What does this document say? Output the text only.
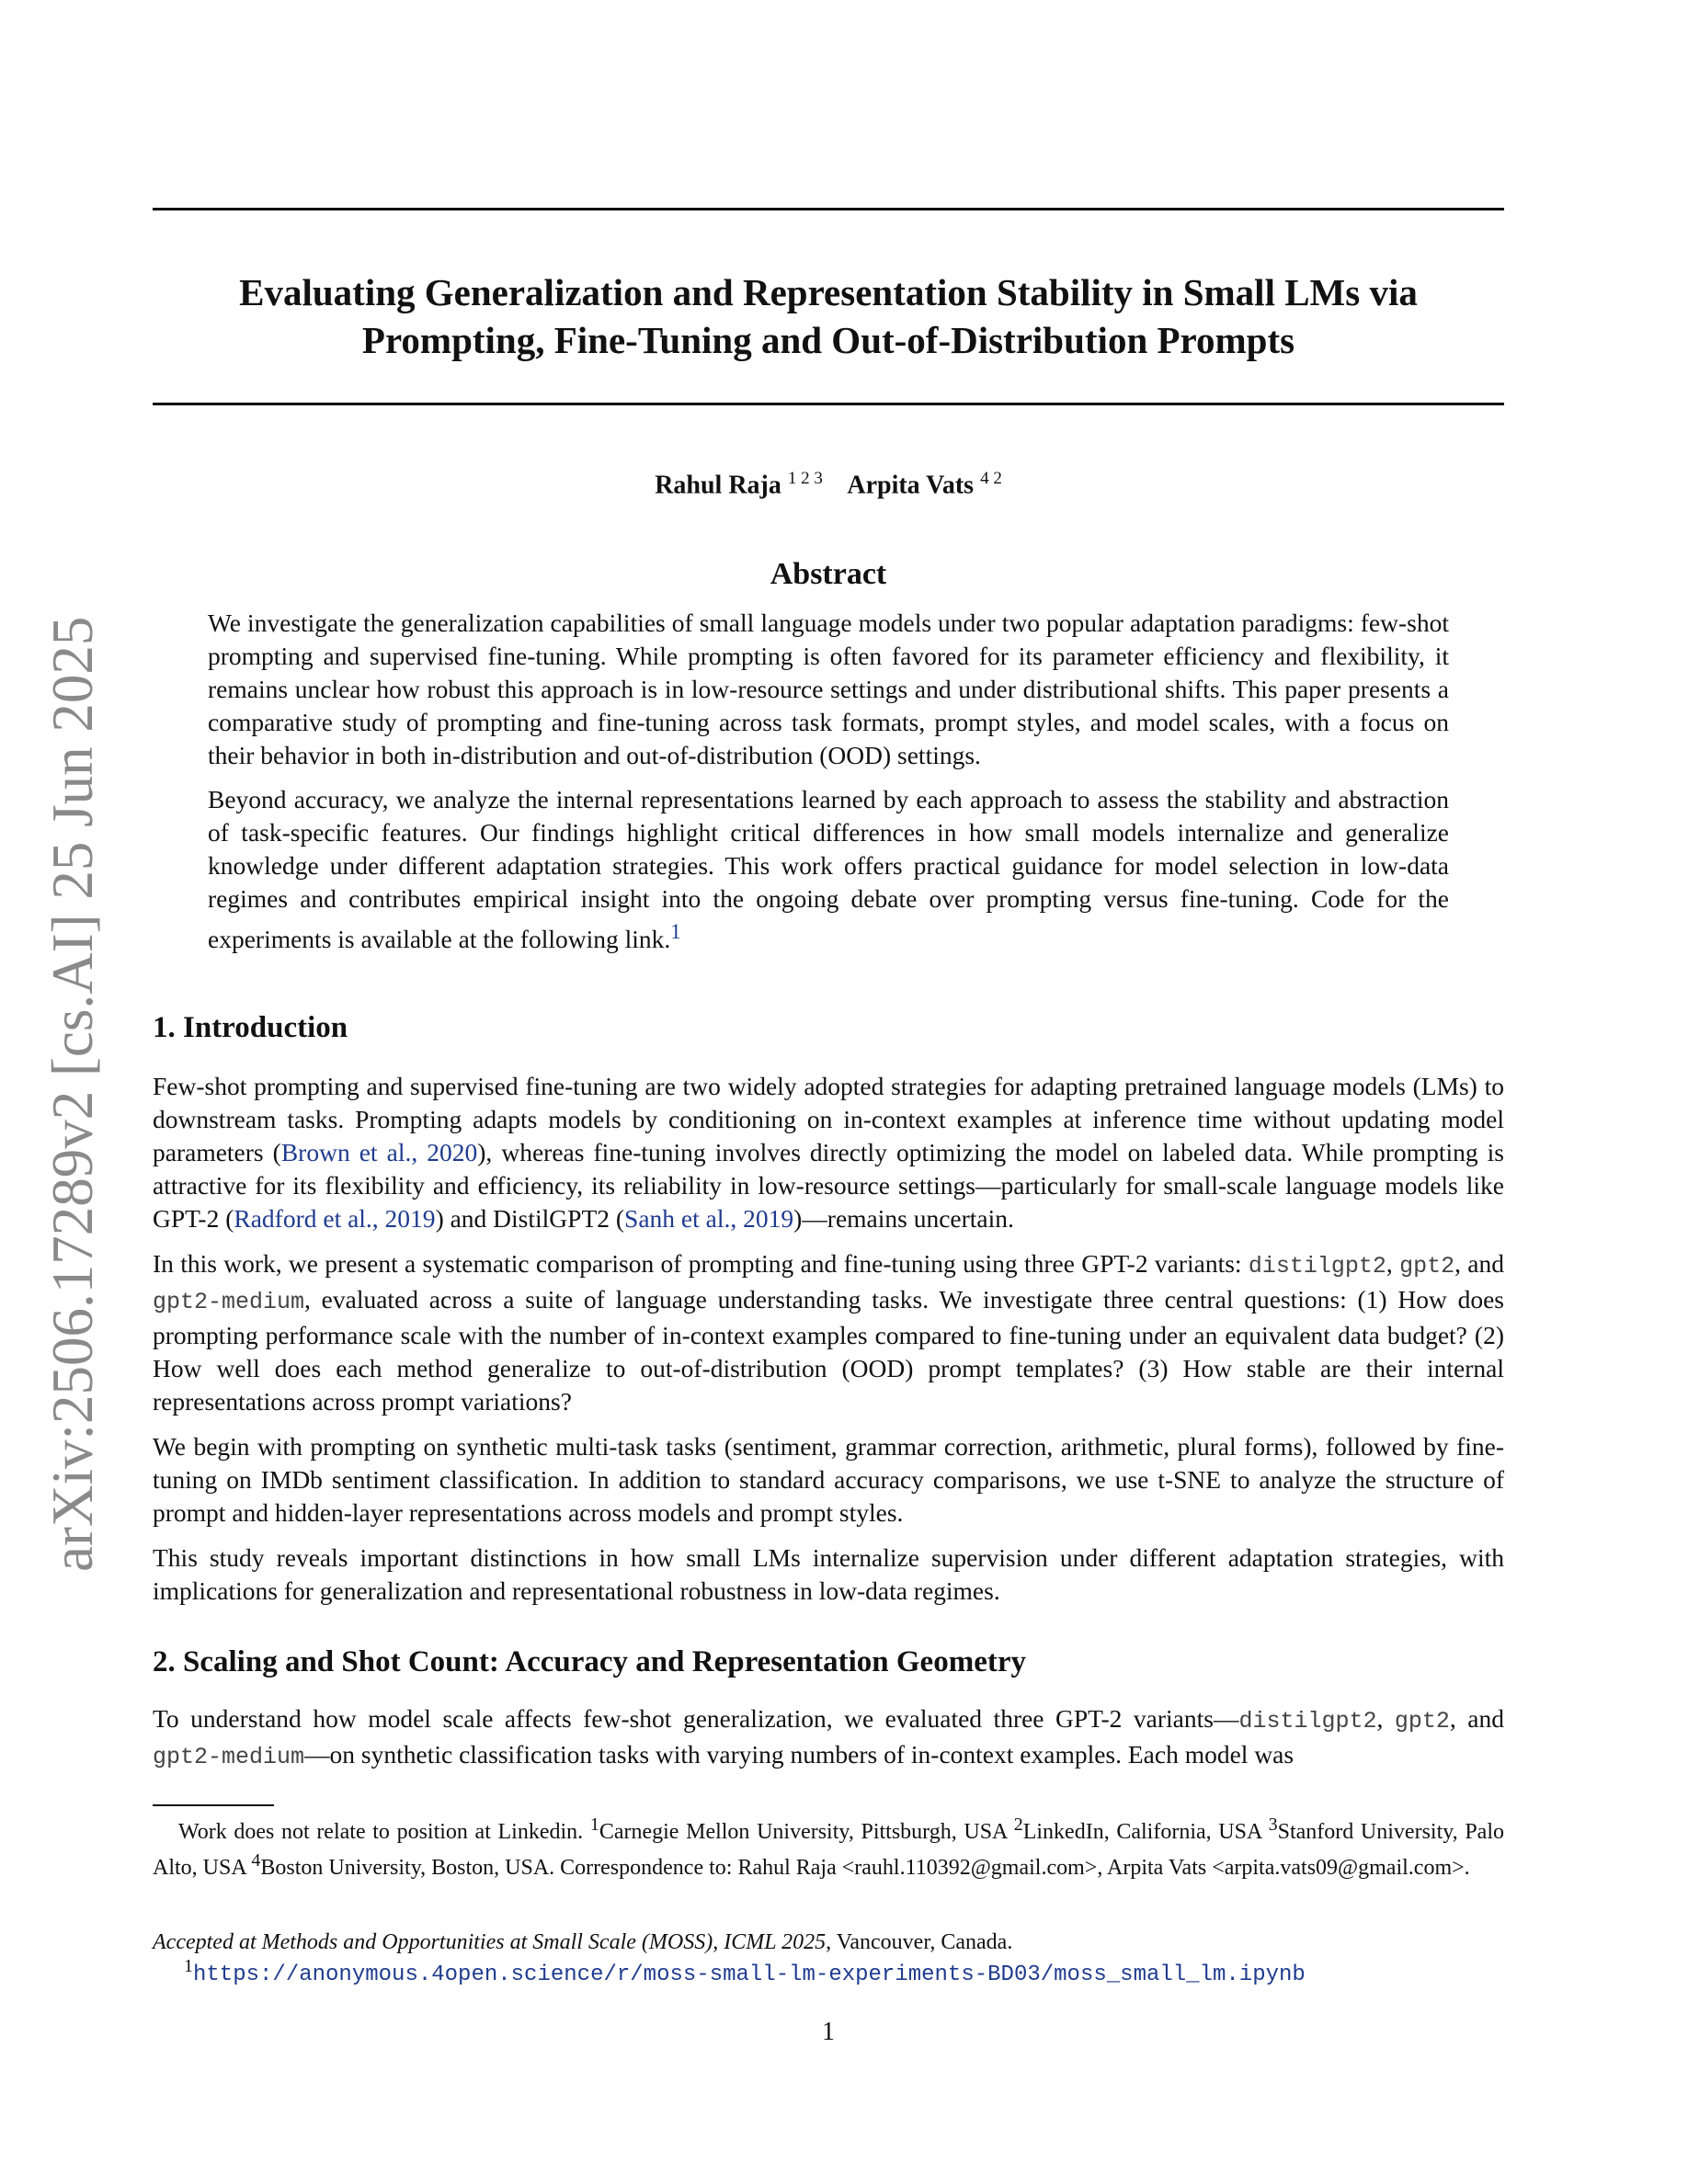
arXiv:2506.17289v2 [cs.AI] 25 Jun 2025
Evaluating Generalization and Representation Stability in Small LMs via
Prompting, Fine-Tuning and Out-of-Distribution Prompts
Rahul Raja $^{1 2 3}$ Arpita Vats $^{4 2}$
Abstract

We investigate the generalization capabilities of small language models under two popular adaptation paradigms: few-shot prompting and supervised fine-tuning. While prompting is often favored for its parameter efficiency and flexibility, it remains unclear how robust this approach is in low-resource settings and under distributional shifts. This paper presents a comparative study of prompting and fine-tuning across task formats, prompt styles, and model scales, with a focus on their behavior in both in-distribution and out-of-distribution (OOD) settings.

Beyond accuracy, we analyze the internal representations learned by each approach to assess the stability and abstraction of task-specific features. Our findings highlight critical differences in how small models internalize and generalize knowledge under different adaptation strategies. This work offers practical guidance for model selection in low-data regimes and contributes empirical insight into the ongoing debate over prompting versus fine-tuning. Code for the experiments is available at the following link.$^1$

1. Introduction

Few-shot prompting and supervised fine-tuning are two widely adopted strategies for adapting pretrained language models (LMs) to downstream tasks. Prompting adapts models by conditioning on in-context examples at inference time without updating model parameters (Brown et al., 2020), whereas fine-tuning involves directly optimizing the model on labeled data. While prompting is attractive for its flexibility and efficiency, its reliability in low-resource settings—particularly for small-scale language models like GPT-2 (Radford et al., 2019) and DistilGPT2 (Sanh et al., 2019)—remains uncertain.

In this work, we present a systematic comparison of prompting and fine-tuning using three GPT-2 variants: distilgpt2, gpt2, and gpt2-medium, evaluated across a suite of language understanding tasks. We investigate three central questions: (1) How does prompting performance scale with the number of in-context examples compared to fine-tuning under an equivalent data budget? (2) How well does each method generalize to out-of-distribution (OOD) prompt templates? (3) How stable are their internal representations across prompt variations?

We begin with prompting on synthetic multi-task tasks (sentiment, grammar correction, arithmetic, plural forms), followed by fine-tuning on IMDb sentiment classification. In addition to standard accuracy comparisons, we use t-SNE to analyze the structure of prompt and hidden-layer representations across models and prompt styles.

This study reveals important distinctions in how small LMs internalize supervision under different adaptation strategies, with implications for generalization and representational robustness in low-data regimes.

2. Scaling and Shot Count: Accuracy and Representation Geometry

To understand how model scale affects few-shot generalization, we evaluated three GPT-2 variants—distilgpt2, gpt2, and gpt2-medium—on synthetic classification tasks with varying numbers of in-context examples. Each model was

Work does not relate to position at Linkedin. $^1$Carnegie Mellon University, Pittsburgh, USA $^2$LinkedIn, California, USA $^3$Stanford University, Palo Alto, USA $^4$Boston University, Boston, USA. Correspondence to: Rahul Raja <rauhl.110392@gmail.com>, Arpita Vats <arpita.vats09@gmail.com>.

Accepted at Methods and Opportunities at Small Scale (MOSS), ICML 2025, Vancouver, Canada.
$^1$https://anonymous.4open.science/r/moss-small-lm-experiments-BD03/moss_small_lm.ipynb
1
